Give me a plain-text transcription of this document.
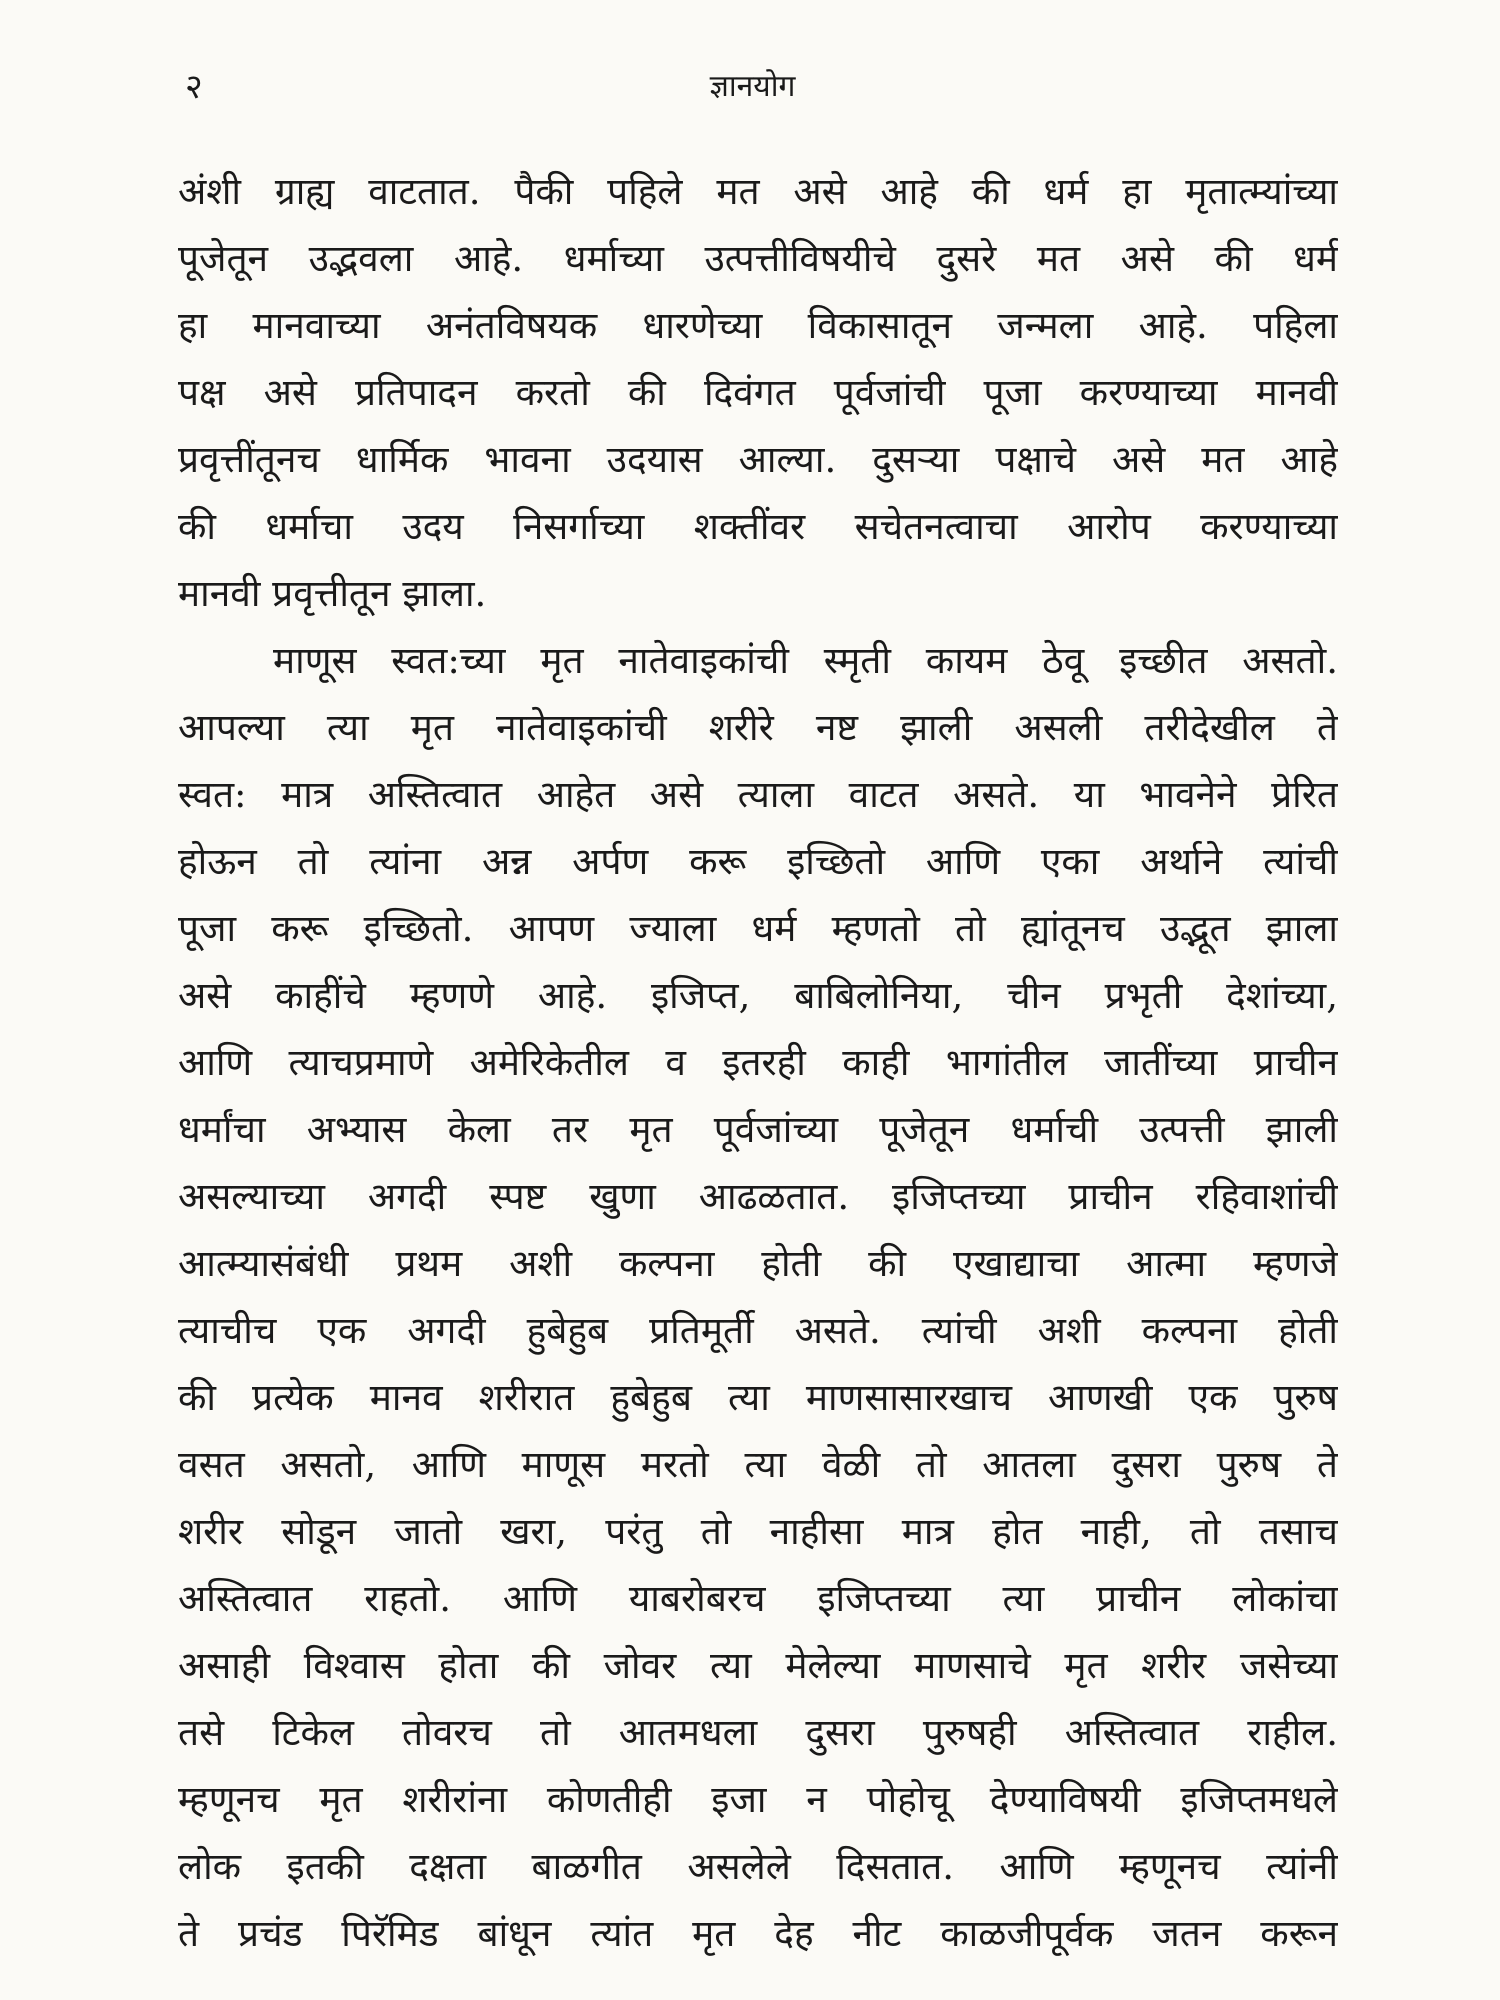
२	ज्ञानयोग
अंशी ग्राह्य वाटतात. पैकी पहिले मत असे आहे की धर्म हा मृतात्म्यांच्या
पूजेतून उद्भवला आहे. धर्माच्या उत्पत्तीविषयीचे दुसरे मत असे की धर्म
हा मानवाच्या अनंतविषयक धारणेच्या विकासातून जन्मला आहे. पहिला
पक्ष असे प्रतिपादन करतो की दिवंगत पूर्वजांची पूजा करण्याच्या मानवी
प्रवृत्तींतूनच धार्मिक भावना उदयास आल्या. दुसऱ्या पक्षाचे असे मत आहे
की धर्माचा उदय निसर्गाच्या शक्तींवर सचेतनत्वाचा आरोप करण्याच्या
मानवी प्रवृत्तीतून झाला.
माणूस स्वत:च्या मृत नातेवाइकांची स्मृती कायम ठेवू इच्छीत असतो.
आपल्या त्या मृत नातेवाइकांची शरीरे नष्ट झाली असली तरीदेखील ते
स्वत: मात्र अस्तित्वात आहेत असे त्याला वाटत असते. या भावनेने प्रेरित
होऊन तो त्यांना अन्न अर्पण करू इच्छितो आणि एका अर्थाने त्यांची
पूजा करू इच्छितो. आपण ज्याला धर्म म्हणतो तो ह्यांतूनच उद्भूत झाला
असे काहींचे म्हणणे आहे. इजिप्त, बाबिलोनिया, चीन प्रभृती देशांच्या,
आणि त्याचप्रमाणे अमेरिकेतील व इतरही काही भागांतील जातींच्या प्राचीन
धर्मांचा अभ्यास केला तर मृत पूर्वजांच्या पूजेतून धर्माची उत्पत्ती झाली
असल्याच्या अगदी स्पष्ट खुणा आढळतात. इजिप्तच्या प्राचीन रहिवाशांची
आत्म्यासंबंधी प्रथम अशी कल्पना होती की एखाद्याचा आत्मा म्हणजे
त्याचीच एक अगदी हुबेहुब प्रतिमूर्ती असते. त्यांची अशी कल्पना होती
की प्रत्येक मानव शरीरात हुबेहुब त्या माणसासारखाच आणखी एक पुरुष
वसत असतो, आणि माणूस मरतो त्या वेळी तो आतला दुसरा पुरुष ते
शरीर सोडून जातो खरा, परंतु तो नाहीसा मात्र होत नाही, तो तसाच
अस्तित्वात राहतो. आणि याबरोबरच इजिप्तच्या त्या प्राचीन लोकांचा
असाही विश्वास होता की जोवर त्या मेलेल्या माणसाचे मृत शरीर जसेच्या
तसे टिकेल तोवरच तो आतमधला दुसरा पुरुषही अस्तित्वात राहील.
म्हणूनच मृत शरीरांना कोणतीही इजा न पोहोचू देण्याविषयी इजिप्तमधले
लोक इतकी दक्षता बाळगीत असलेले दिसतात. आणि म्हणूनच त्यांनी
ते प्रचंड पिरॅमिड बांधून त्यांत मृत देह नीट काळजीपूर्वक जतन करून
